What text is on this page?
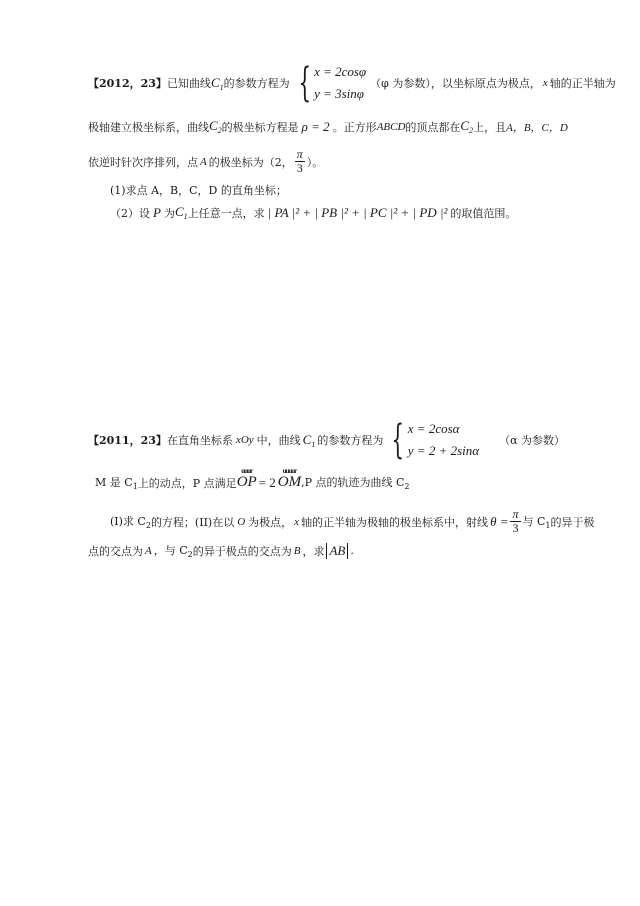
【2012，23】 已知曲线 $C_1$ 的参数方程为 { x = 2cosφ
y = 3sinφ
（φ 为参数），以坐标原点为极点， x 轴的正半轴为
极轴建立极坐标系，曲线 $C_2$ 的极坐标方程是 ρ = 2 。正方形 ABCD 的顶点都在 $C_2$ 上，且 A，B，C，D
依逆时针次序排列，点 A 的极坐标为（2， $\frac{\pi}{3}$ ）。
(1)求点 A，B，C，D 的直角坐标；
（2）设 P 为 $C_1$ 上任意一点，求 | PA |² + | PB |² + | PC |² + | PD |² 的取值范围。
【2011，23】 在直角坐标系 xOy 中，曲线 $C_1$ 的参数方程为 { x = 2cosα
y = 2 + 2sinα
（α 为参数）
M 是 $C_1$ 上的动点，P 点满足
uuur
OP = 2
uuuur
OM ,P 点的轨迹为曲线 $C_2$
(I)求 $C_2$ 的方程；(II)在以 O 为极点， x 轴的正半轴为极轴的极坐标系中，射线 $\theta = \frac{\pi}{3}$ 与 $C_1$ 的异于极
点的交点为 A ，与 $C_2$ 的异于极点的交点为 B ，求 AB .
